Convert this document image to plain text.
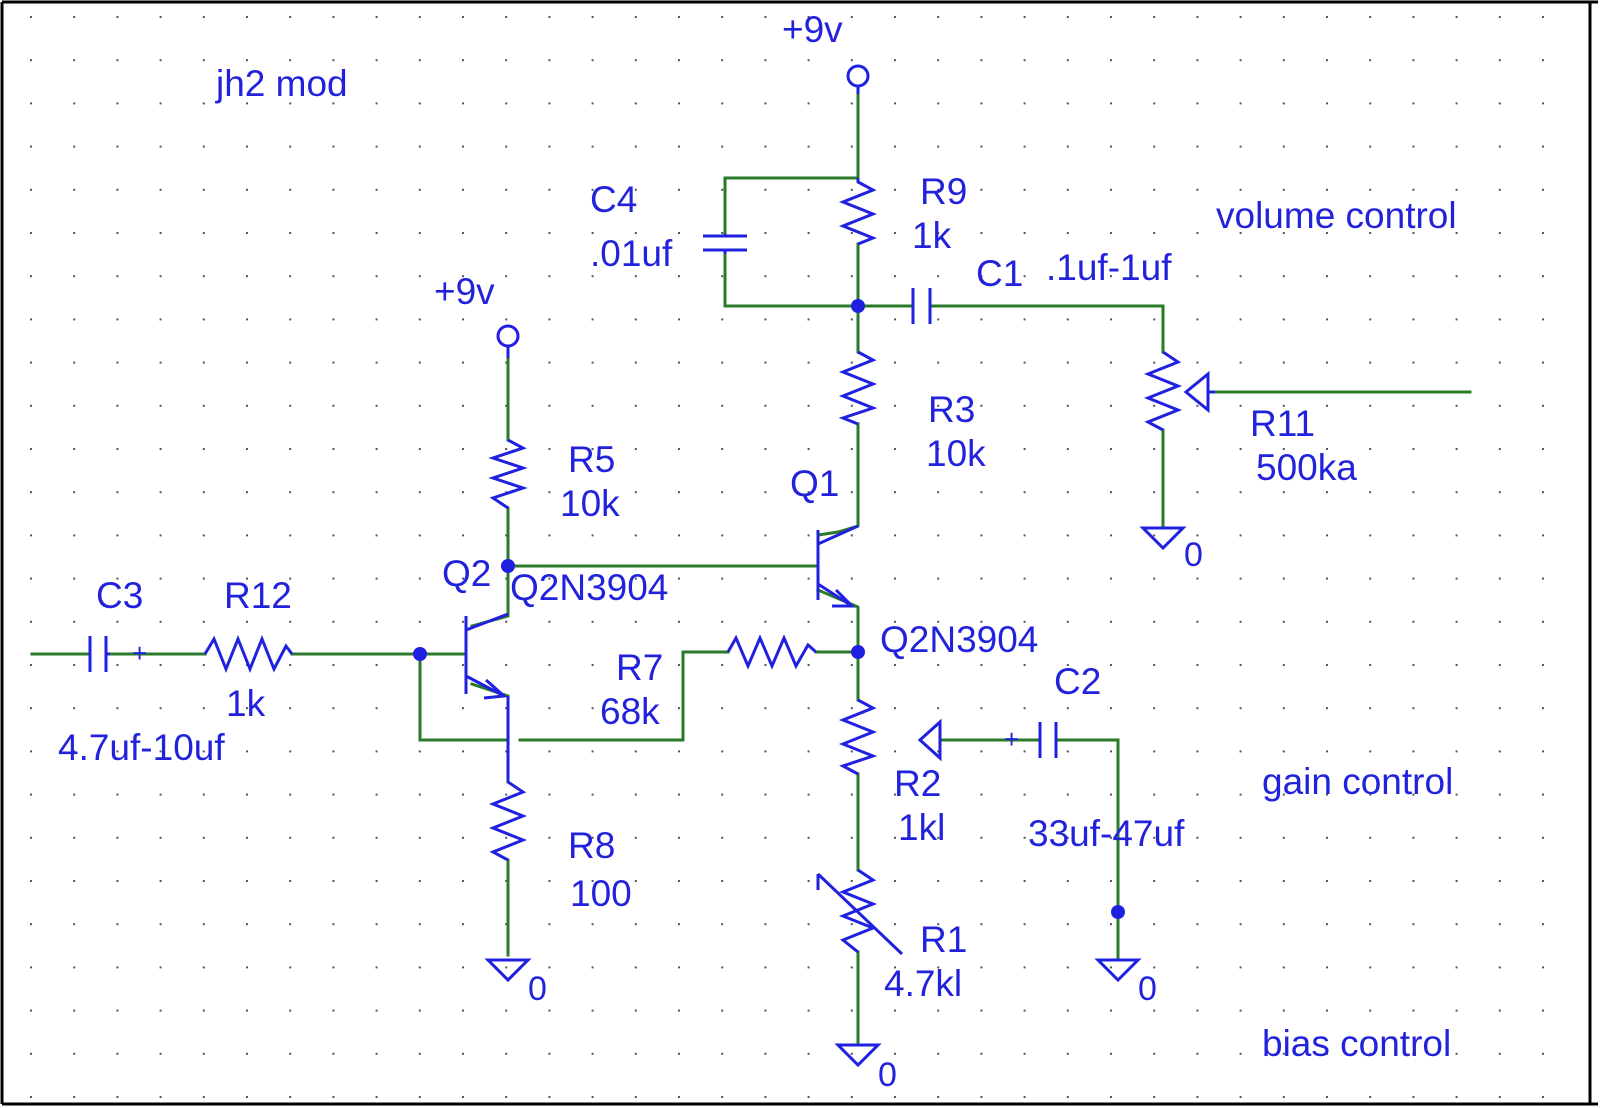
jh2 mod
+9v
+9v
C4
.01uf
R9
1k
C1 .1uf-1uf
volume control
R3
10k
R11
500ka
R5
10k	Q1
Q2N3904
Q2 Q2N3904
C3
4.7uf-10uf
R12
1k
R7
68k
C2
33uf-47uf
R2
1kl
gain control
R8
100
R1
4.7kl
bias control
+
+
0
0
0
0
